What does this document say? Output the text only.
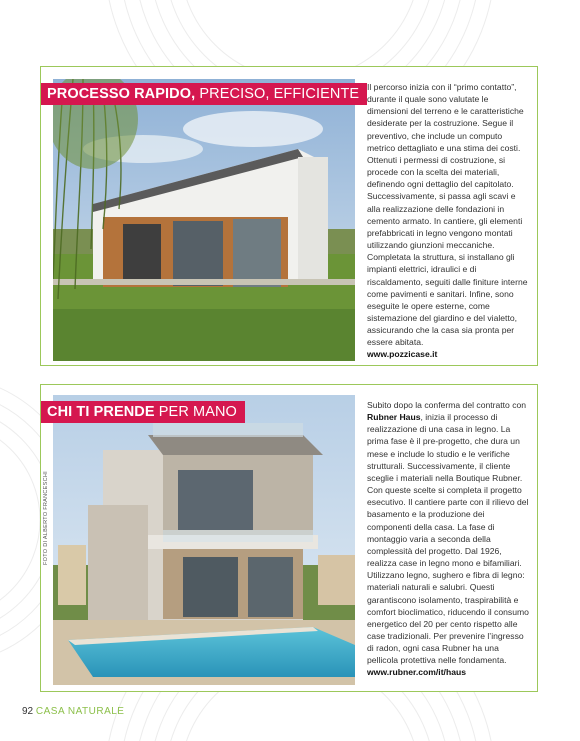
PROCESSO RAPIDO, PRECISO, EFFICIENTE Il percorso inizia con il “primo contatto”, durante il quale sono valutate le dimensioni del terreno e le caratteristiche desiderate per la costruzione. Segue il preventivo, che include un computo metrico dettagliato e una stima dei costi. Ottenuti i permessi di costruzione, si procede con la scelta dei materiali, definendo ogni dettaglio del capitolato. Successivamente, si passa agli scavi e alla realizzazione delle fondazioni in cemento armato. In cantiere, gli elementi prefabbricati in legno vengono montati utilizzando giunzioni meccaniche. Completata la struttura, si installano gli impianti elettrici, idraulici e di riscaldamento, seguiti dalle finiture interne come pavimenti e sanitari. Infine, sono eseguite le opere esterne, come sistemazione del giardino e del vialetto, assicurando che la casa sia pronta per essere abitata.
www.pozzicase.it
FOTO DI ALBERTO FRANCESCHI
CHI TI PRENDE PER MANO	Subito dopo la conferma del contratto con Rubner Haus, inizia il processo di realizzazione di una casa in legno. La prima fase è il pre-progetto, che dura un mese e include lo studio e le verifiche strutturali. Successivamente, il cliente sceglie i materiali nella Boutique Rubner. Con queste scelte si completa il progetto esecutivo. Il cantiere parte con il rilievo del basamento e la produzione dei componenti della casa. La fase di montaggio varia a seconda della complessità del progetto. Dal 1926, realizza case in legno mono e bifamiliari. Utilizzano legno, sughero e fibra di legno: materiali naturali e salubri. Questi garantiscono isolamento, traspirabilità e comfort bioclimatico, riducendo il consumo energetico del 20 per cento rispetto alle case tradizionali. Per prevenire l’ingresso di radon, ogni casa Rubner ha una pellicola protettiva nelle fondamenta.
www.rubner.com/it/haus
92 CASA NATURALE
